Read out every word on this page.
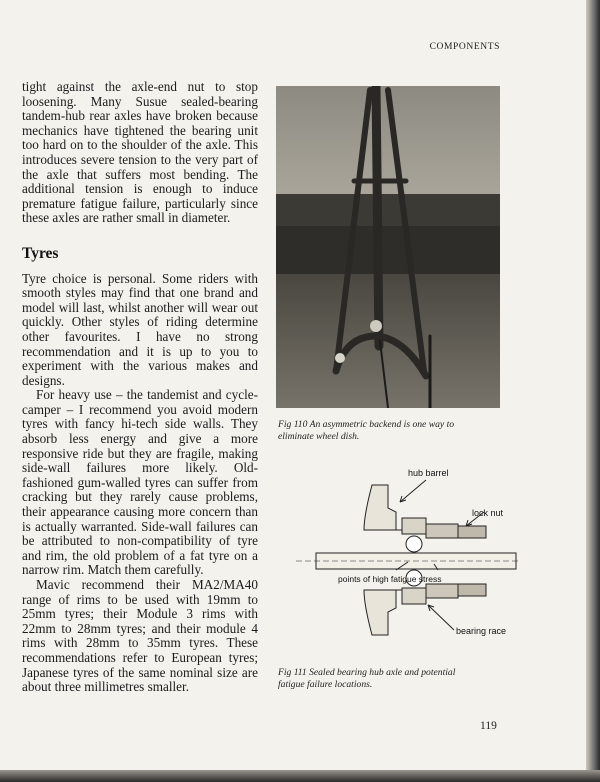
COMPONENTS

tight against the axle-end nut to stop loosening. Many Susue sealed-bearing tandem-hub rear axles have broken because mechanics have tightened the bearing unit too hard on to the shoulder of the axle. This introduces severe tension to the very part of the axle that suffers most bending. The additional tension is enough to induce premature fatigue failure, particularly since these axles are rather small in diameter.

Tyres

Tyre choice is personal. Some riders with smooth styles may find that one brand and model will last, whilst another will wear out quickly. Other styles of riding determine other favourites. I have no strong recommendation and it is up to you to experiment with the various makes and designs.

For heavy use – the tandemist and cycle-camper – I recommend you avoid modern tyres with fancy hi-tech side walls. They absorb less energy and give a more responsive ride but they are fragile, making side-wall failures more likely. Old-fashioned gum-walled tyres can suffer from cracking but they rarely cause problems, their appearance causing more concern than is actually warranted. Side-wall failures can be attributed to non-compatibility of tyre and rim, the old problem of a fat tyre on a narrow rim. Match them carefully.

Mavic recommend their MA2/MA40 range of rims to be used with 19mm to 25mm tyres; their Module 3 rims with 22mm to 28mm tyres; and their module 4 rims with 28mm to 35mm tyres. These recommendations refer to European tyres; Japanese tyres of the same nominal size are about three millimetres smaller.

Fig 110 An asymmetric backend is one way to eliminate wheel dish.
hub barrel
lock nut
points of high fatigue stress
bearing race
Fig 111 Sealed bearing hub axle and potential fatigue failure locations.
119
